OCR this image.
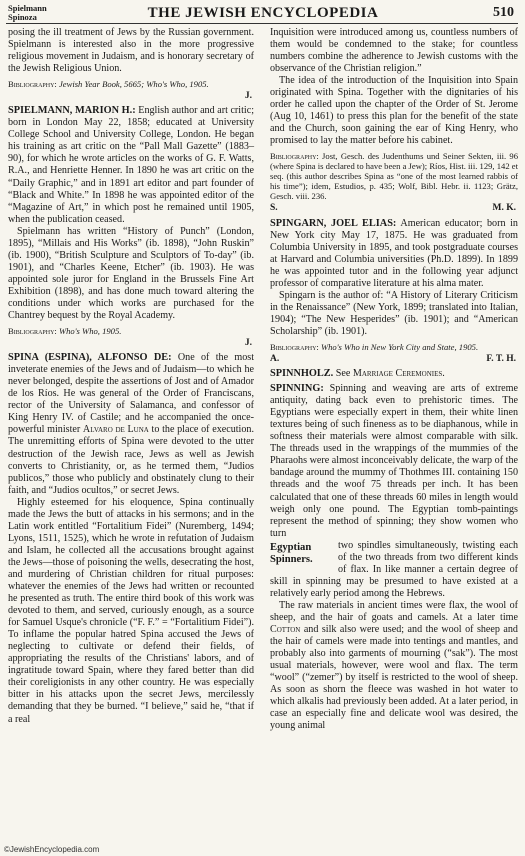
Spielmann
Spinoza	THE JEWISH ENCYCLOPEDIA	510

posing the ill treatment of Jews by the Russian government. Spielmann is interested also in the more progressive religious movement in Judaism, and is honorary secretary of the Jewish Religious Union.

Bibliography: Jewish Year Book, 5665; Who's Who, 1905.

J.

SPIELMANN, MARION H.: English author and art critic; born in London May 22, 1858; educated at University College School and University College, London. He began his training as art critic on the “Pall Mall Gazette” (1883–90), for which he wrote articles on the works of G. F. Watts, R.A., and Henriette Henner. In 1890 he was art critic on the “Daily Graphic,” and in 1891 art editor and part founder of “Black and White.” In 1898 he was appointed editor of the “Magazine of Art,” in which post he remained until 1905, when the publication ceased.

Spielmann has written “History of Punch” (London, 1895), “Millais and His Works” (ib. 1898), “John Ruskin” (ib. 1900), “British Sculpture and Sculptors of To-day” (ib. 1901), and “Charles Keene, Etcher” (ib. 1903). He was appointed sole juror for England in the Brussels Fine Art Exhibition (1898), and has done much toward altering the conditions under which works are purchased for the Chantrey bequest by the Royal Academy.

Bibliography: Who's Who, 1905.

J.

SPINA (ESPINA), ALFONSO DE: One of the most inveterate enemies of the Jews and of Judaism—to which he never belonged, despite the assertions of Jost and of Amador de los Ríos. He was general of the Order of Franciscans, rector of the University of Salamanca, and confessor of King Henry IV. of Castile; and he accompanied the once-powerful minister Alvaro de Luna to the place of execution. The unremitting efforts of Spina were devoted to the utter destruction of the Jewish race, Jews as well as Jewish converts to Christianity, or, as he termed them, “Judios publicos,” those who publicly and obstinately clung to their faith, and “Judios ocultos,” or secret Jews.

Highly esteemed for his eloquence, Spina continually made the Jews the butt of attacks in his sermons; and in the Latin work entitled “Fortalitium Fidei” (Nuremberg, 1494; Lyons, 1511, 1525), which he wrote in refutation of Judaism and Islam, he collected all the accusations brought against the Jews—those of poisoning the wells, desecrating the host, and murdering of Christian children for ritual purposes: whatever the enemies of the Jews had written or recounted he presented as truth. The entire third book of this work was devoted to them, and served, curiously enough, as a source for Samuel Usque's chronicle (“F. F.” = “Fortalitium Fidei”). To inflame the popular hatred Spina accused the Jews of neglecting to cultivate or defend their fields, of appropriating the results of the Christians' labors, and of ingratitude toward Spain, where they fared better than did their coreligionists in any other country. He was especially bitter in his attacks upon the secret Jews, mercilessly demanding that they be burned. “I believe,” said he, “that if a real

Inquisition were introduced among us, countless numbers of them would be condemned to the stake; for countless numbers combine the adherence to Jewish customs with the observance of the Christian religion.”

The idea of the introduction of the Inquisition into Spain originated with Spina. Together with the dignitaries of his order he called upon the chapter of the Order of St. Jerome (Aug 10, 1461) to press this plan for the benefit of the state and the Church, soon gaining the ear of King Henry, who promised to lay the matter before his cabinet.

Bibliography: Jost, Gesch. des Judenthums und Seiner Sekten, iii. 96 (where Spina is declared to have been a Jew); Ríos, Hist. iii. 129, 142 et seq. (this author describes Spina as “one of the most learned rabbis of his time”); idem, Estudios, p. 435; Wolf, Bibl. Hebr. ii. 1123; Grätz, Gesch. viii. 236.

S.	M. K.

SPINGARN, JOEL ELIAS: American educator; born in New York city May 17, 1875. He was graduated from Columbia University in 1895, and took postgraduate courses at Harvard and Columbia universities (Ph.D. 1899). In 1899 he was appointed tutor and in the following year adjunct professor of comparative literature at his alma mater.

Spingarn is the author of: “A History of Literary Criticism in the Renaissance” (New York, 1899; translated into Italian, 1904); “The New Hesperides” (ib. 1901); and “American Scholarship” (ib. 1901).

Bibliography: Who's Who in New York City and State, 1905.

A.	F. T. H.

SPINNHOLZ. See Marriage Ceremonies.

SPINNING: Spinning and weaving are arts of extreme antiquity, dating back even to prehistoric times. The Egyptians were especially expert in them, their white linen textures being of such fineness as to be diaphanous, while in softness their materials were almost comparable with silk. The threads used in the wrappings of the mummies of the Pharaohs were almost inconceivably delicate, the warp of the bandage around the mummy of Thothmes III. containing 150 threads and the woof 75 threads per inch. It has been calculated that one of these threads 60 miles in length would weigh only one pound. The Egyptian tomb-paintings represent the method of spinning; they show women who turn

Egyptian
Spinners.
two spindles simultaneously, twisting each of the two threads from two different kinds of flax. In like manner a certain degree of skill in spinning may be presumed to have existed at a relatively early period among the Hebrews.

The raw materials in ancient times were flax, the wool of sheep, and the hair of goats and camels. At a later time Cotton and silk also were used; and the wool of sheep and the hair of camels were made into tentings and mantles, and probably also into garments of mourning (“sak”). The most usual materials, however, were wool and flax. The term “wool” (“zemer”) by itself is restricted to the wool of sheep. As soon as shorn the fleece was washed in hot water to which alkalis had previously been added. At a later period, in case an especially fine and delicate wool was desired, the young animal

©JewishEncyclopedia.com
